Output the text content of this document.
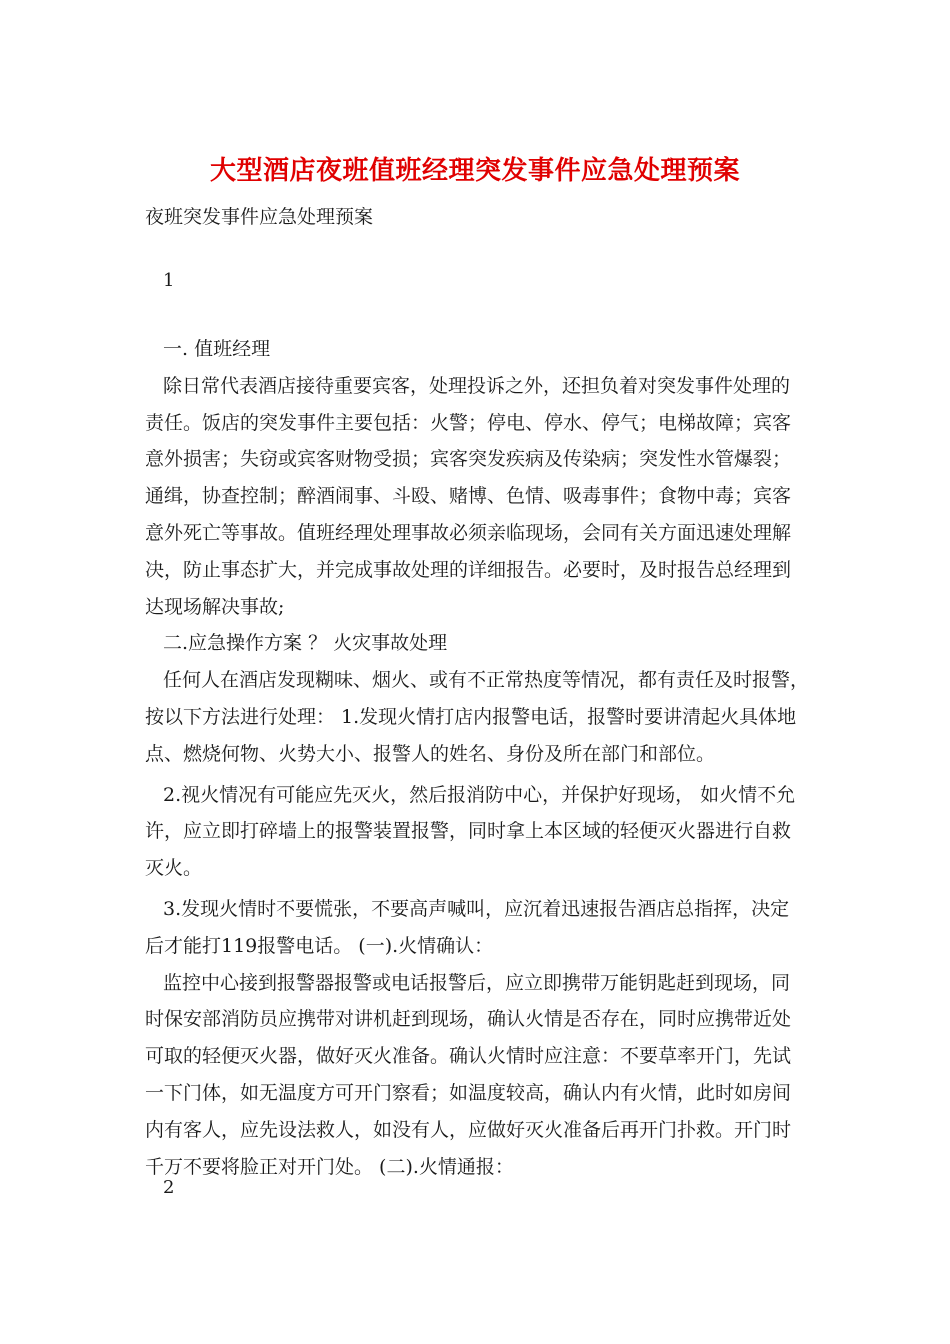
大型酒店夜班值班经理突发事件应急处理预案
夜班突发事件应急处理预案
1
一. 值班经理
除日常代表酒店接待重要宾客，处理投诉之外，还担负着对突发事件处理的
责任。饭店的突发事件主要包括：火警；停电、停水、停气；电梯故障；宾客
意外损害；失窃或宾客财物受损；宾客突发疾病及传染病；突发性水管爆裂；
通缉，协查控制；醉酒闹事、斗殴、赌博、色情、吸毒事件；食物中毒；宾客
意外死亡等事故。值班经理处理事故必须亲临现场，会同有关方面迅速处理解
决，防止事态扩大，并完成事故处理的详细报告。必要时，及时报告总经理到
达现场解决事故;
二.应急操作方案 ？ 火灾事故处理
任何人在酒店发现糊味、烟火、或有不正常热度等情况，都有责任及时报警，
按以下方法进行处理： 1.发现火情打店内报警电话，报警时要讲清起火具体地
点、燃烧何物、火势大小、报警人的姓名、身份及所在部门和部位。
2.视火情况有可能应先灭火，然后报消防中心，并保护好现场， 如火情不允
许，应立即打碎墙上的报警装置报警，同时拿上本区域的轻便灭火器进行自救
灭火。
3.发现火情时不要慌张，不要高声喊叫，应沉着迅速报告酒店总指挥，决定
后才能打119报警电话。 (一).火情确认：
监控中心接到报警器报警或电话报警后，应立即携带万能钥匙赶到现场，同
时保安部消防员应携带对讲机赶到现场，确认火情是否存在，同时应携带近处
可取的轻便灭火器，做好灭火准备。确认火情时应注意：不要草率开门，先试
一下门体，如无温度方可开门察看；如温度较高，确认内有火情，此时如房间
内有客人，应先设法救人，如没有人，应做好灭火准备后再开门扑救。开门时
千万不要将脸正对开门处。 (二).火情通报：
2
